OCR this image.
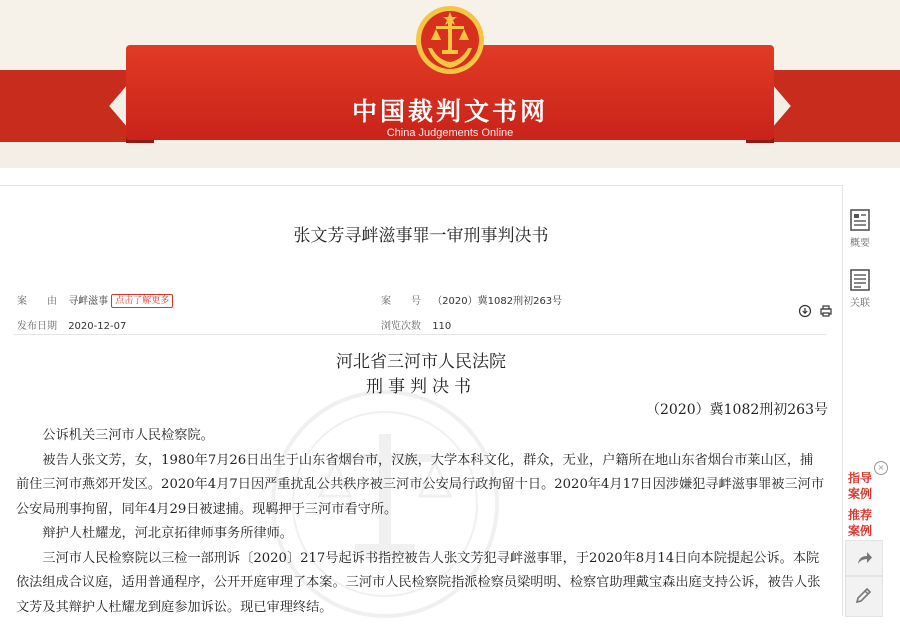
中国裁判文书网
China Judgements Online
张文芳寻衅滋事罪一审刑事判决书
案　　由 寻衅滋事 点击了解更多	案　　号 （2020）冀1082刑初263号

发布日期 2020-12-07	浏览次数 110
河北省三河市人民法院
刑事判决书
（2020）冀1082刑初263号

公诉机关三河市人民检察院。

被告人张文芳，女，1980年7月26日出生于山东省烟台市，汉族，大学本科文化，群众，无业，户籍所在地山东省烟台市莱山区，捕前住三河市燕郊开发区。2020年4月7日因严重扰乱公共秩序被三河市公安局行政拘留十日。2020年4月17日因涉嫌犯寻衅滋事罪被三河市公安局刑事拘留，同年4月29日被逮捕。现羁押于三河市看守所。

辩护人杜耀龙，河北京拓律师事务所律师。

三河市人民检察院以三检一部刑诉〔2020〕217号起诉书指控被告人张文芳犯寻衅滋事罪，于2020年8月14日向本院提起公诉。本院依法组成合议庭，适用普通程序，公开开庭审理了本案。三河市人民检察院指派检察员梁明明、检察官助理戴宝森出庭支持公诉，被告人张文芳及其辩护人杜耀龙到庭参加诉讼。现已审理终结。

概要
关联
×
指导
案例
推荐
案例
